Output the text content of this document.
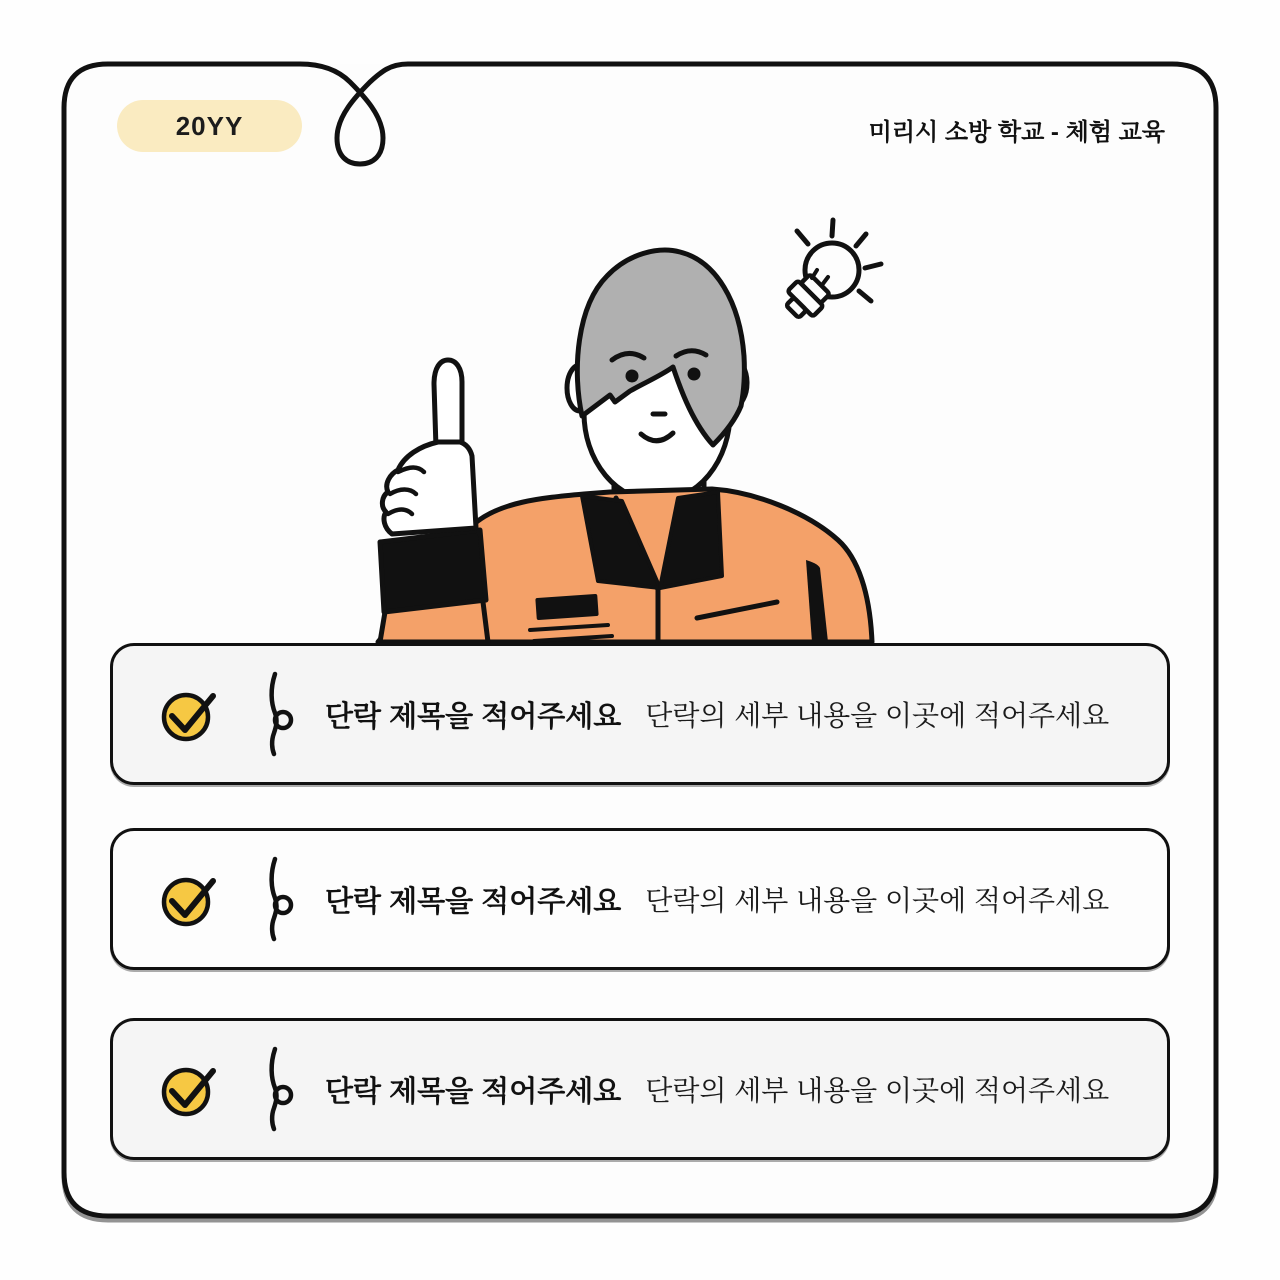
20YY	미리시 소방 학교 - 체험 교육
단락 제목을 적어주세요 단락의 세부 내용을 이곳에 적어주세요
단락 제목을 적어주세요 단락의 세부 내용을 이곳에 적어주세요
단락 제목을 적어주세요 단락의 세부 내용을 이곳에 적어주세요
